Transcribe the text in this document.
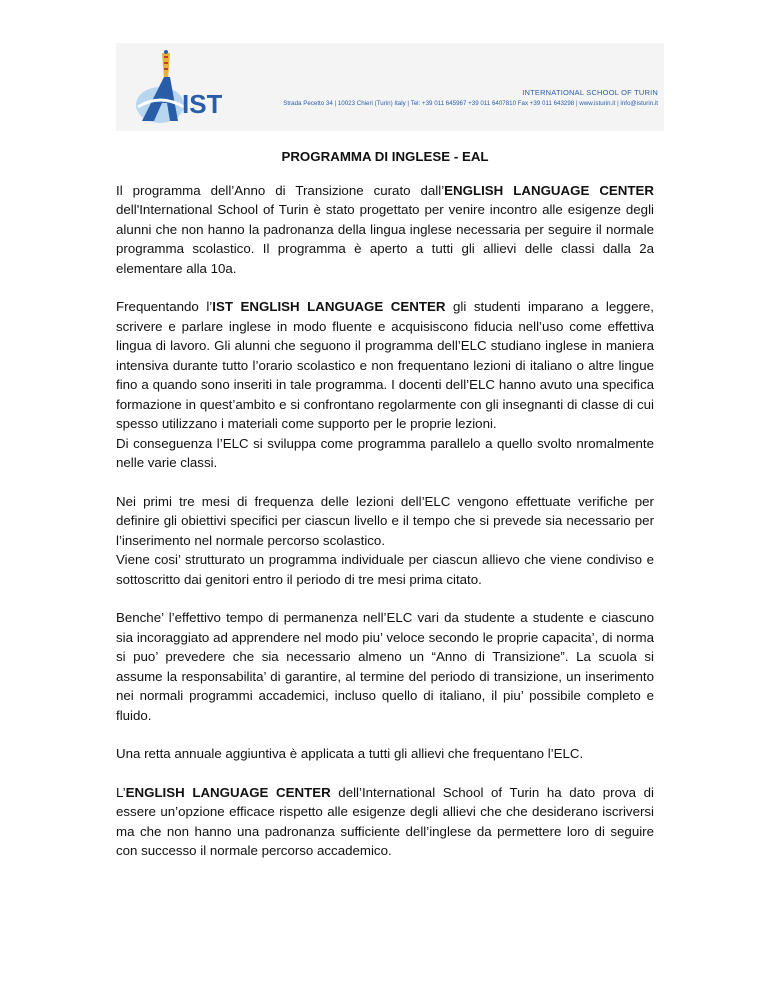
IST	INTERNATIONAL SCHOOL OF TURIN
Strada Pecetto 34 | 10023 Chieri (Turin) Italy | Tel: +39 011 645967 +39 011 6407810 Fax +39 011 643298 | www.isturin.it | info@isturin.it
PROGRAMMA DI INGLESE - EAL

Il programma dell’Anno di Transizione curato dall’ENGLISH LANGUAGE CENTER dell'International School of Turin è stato progettato per venire incontro alle esigenze degli alunni che non hanno la padronanza della lingua inglese necessaria per seguire il normale programma scolastico. Il programma è aperto a tutti gli allievi delle classi dalla 2a elementare alla 10a.

Frequentando l’IST ENGLISH LANGUAGE CENTER gli studenti imparano a leggere, scrivere e parlare inglese in modo fluente e acquisiscono fiducia nell’uso come effettiva lingua di lavoro. Gli alunni che seguono il programma dell’ELC studiano inglese in maniera intensiva durante tutto l’orario scolastico e non frequentano lezioni di italiano o altre lingue fino a quando sono inseriti in tale programma. I docenti dell’ELC hanno avuto una specifica formazione in quest’ambito e si confrontano regolarmente con gli insegnanti di classe di cui spesso utilizzano i materiali come supporto per le proprie lezioni.
Di conseguenza l’ELC si sviluppa come programma parallelo a quello svolto nromalmente nelle varie classi.

Nei primi tre mesi di frequenza delle lezioni dell’ELC vengono effettuate verifiche per definire gli obiettivi specifici per ciascun livello e il tempo che si prevede sia necessario per l’inserimento nel normale percorso scolastico.
Viene cosi’ strutturato un programma individuale per ciascun allievo che viene condiviso e sottoscritto dai genitori entro il periodo di tre mesi prima citato.

Benche’ l’effettivo tempo di permanenza nell’ELC vari da studente a studente e ciascuno sia incoraggiato ad apprendere nel modo piu’ veloce secondo le proprie capacita’, di norma si puo’ prevedere che sia necessario almeno un “Anno di Transizione”. La scuola si assume la responsabilita’ di garantire, al termine del periodo di transizione, un inserimento nei normali programmi accademici, incluso quello di italiano, il piu’ possibile completo e fluido.

Una retta annuale aggiuntiva è applicata a tutti gli allievi che frequentano l’ELC.

L’ENGLISH LANGUAGE CENTER dell’International School of Turin ha dato prova di essere un’opzione efficace rispetto alle esigenze degli allievi che che desiderano iscriversi ma che non hanno una padronanza sufficiente dell’inglese da permettere loro di seguire con successo il normale percorso accademico.
